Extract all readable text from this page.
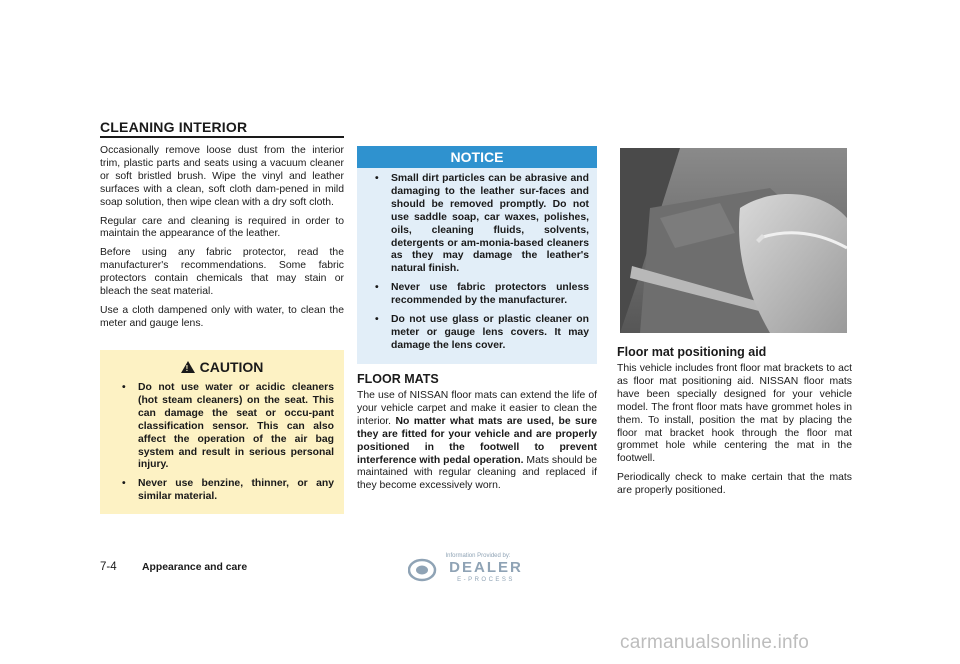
CLEANING INTERIOR

Occasionally remove loose dust from the interior trim, plastic parts and seats using a vacuum cleaner or soft bristled brush. Wipe the vinyl and leather surfaces with a clean, soft cloth dam-pened in mild soap solution, then wipe clean with a dry soft cloth.

Regular care and cleaning is required in order to maintain the appearance of the leather.

Before using any fabric protector, read the manufacturer's recommendations. Some fabric protectors contain chemicals that may stain or bleach the seat material.

Use a cloth dampened only with water, to clean the meter and gauge lens.

! CAUTION
• Do not use water or acidic cleaners (hot steam cleaners) on the seat. This can damage the seat or occu-pant classification sensor. This can also affect the operation of the air bag system and result in serious personal injury.
• Never use benzine, thinner, or any similar material.
NOTICE
• Small dirt particles can be abrasive and damaging to the leather sur-faces and should be removed promptly. Do not use saddle soap, car waxes, polishes, oils, cleaning fluids, solvents, detergents or am-monia-based cleaners as they may damage the leather's natural finish.
• Never use fabric protectors unless recommended by the manufacturer.
• Do not use glass or plastic cleaner on meter or gauge lens covers. It may damage the lens cover.
FLOOR MATS

The use of NISSAN floor mats can extend the life of your vehicle carpet and make it easier to clean the interior. No matter what mats are used, be sure they are fitted for your vehicle and are properly positioned in the footwell to prevent interference with pedal operation. Mats should be maintained with regular cleaning and replaced if they become excessively worn.

Floor mat positioning aid

This vehicle includes front floor mat brackets to act as floor mat positioning aid. NISSAN floor mats have been specially designed for your vehicle model. The front floor mats have grommet holes in them. To install, position the mat by placing the floor mat bracket hook through the floor mat grommet hole while centering the mat in the footwell.

Periodically check to make certain that the mats are properly positioned.

7-4 Appearance and care
Information Provided by:
DEALER
E-PROCESS
carmanualsonline.info
